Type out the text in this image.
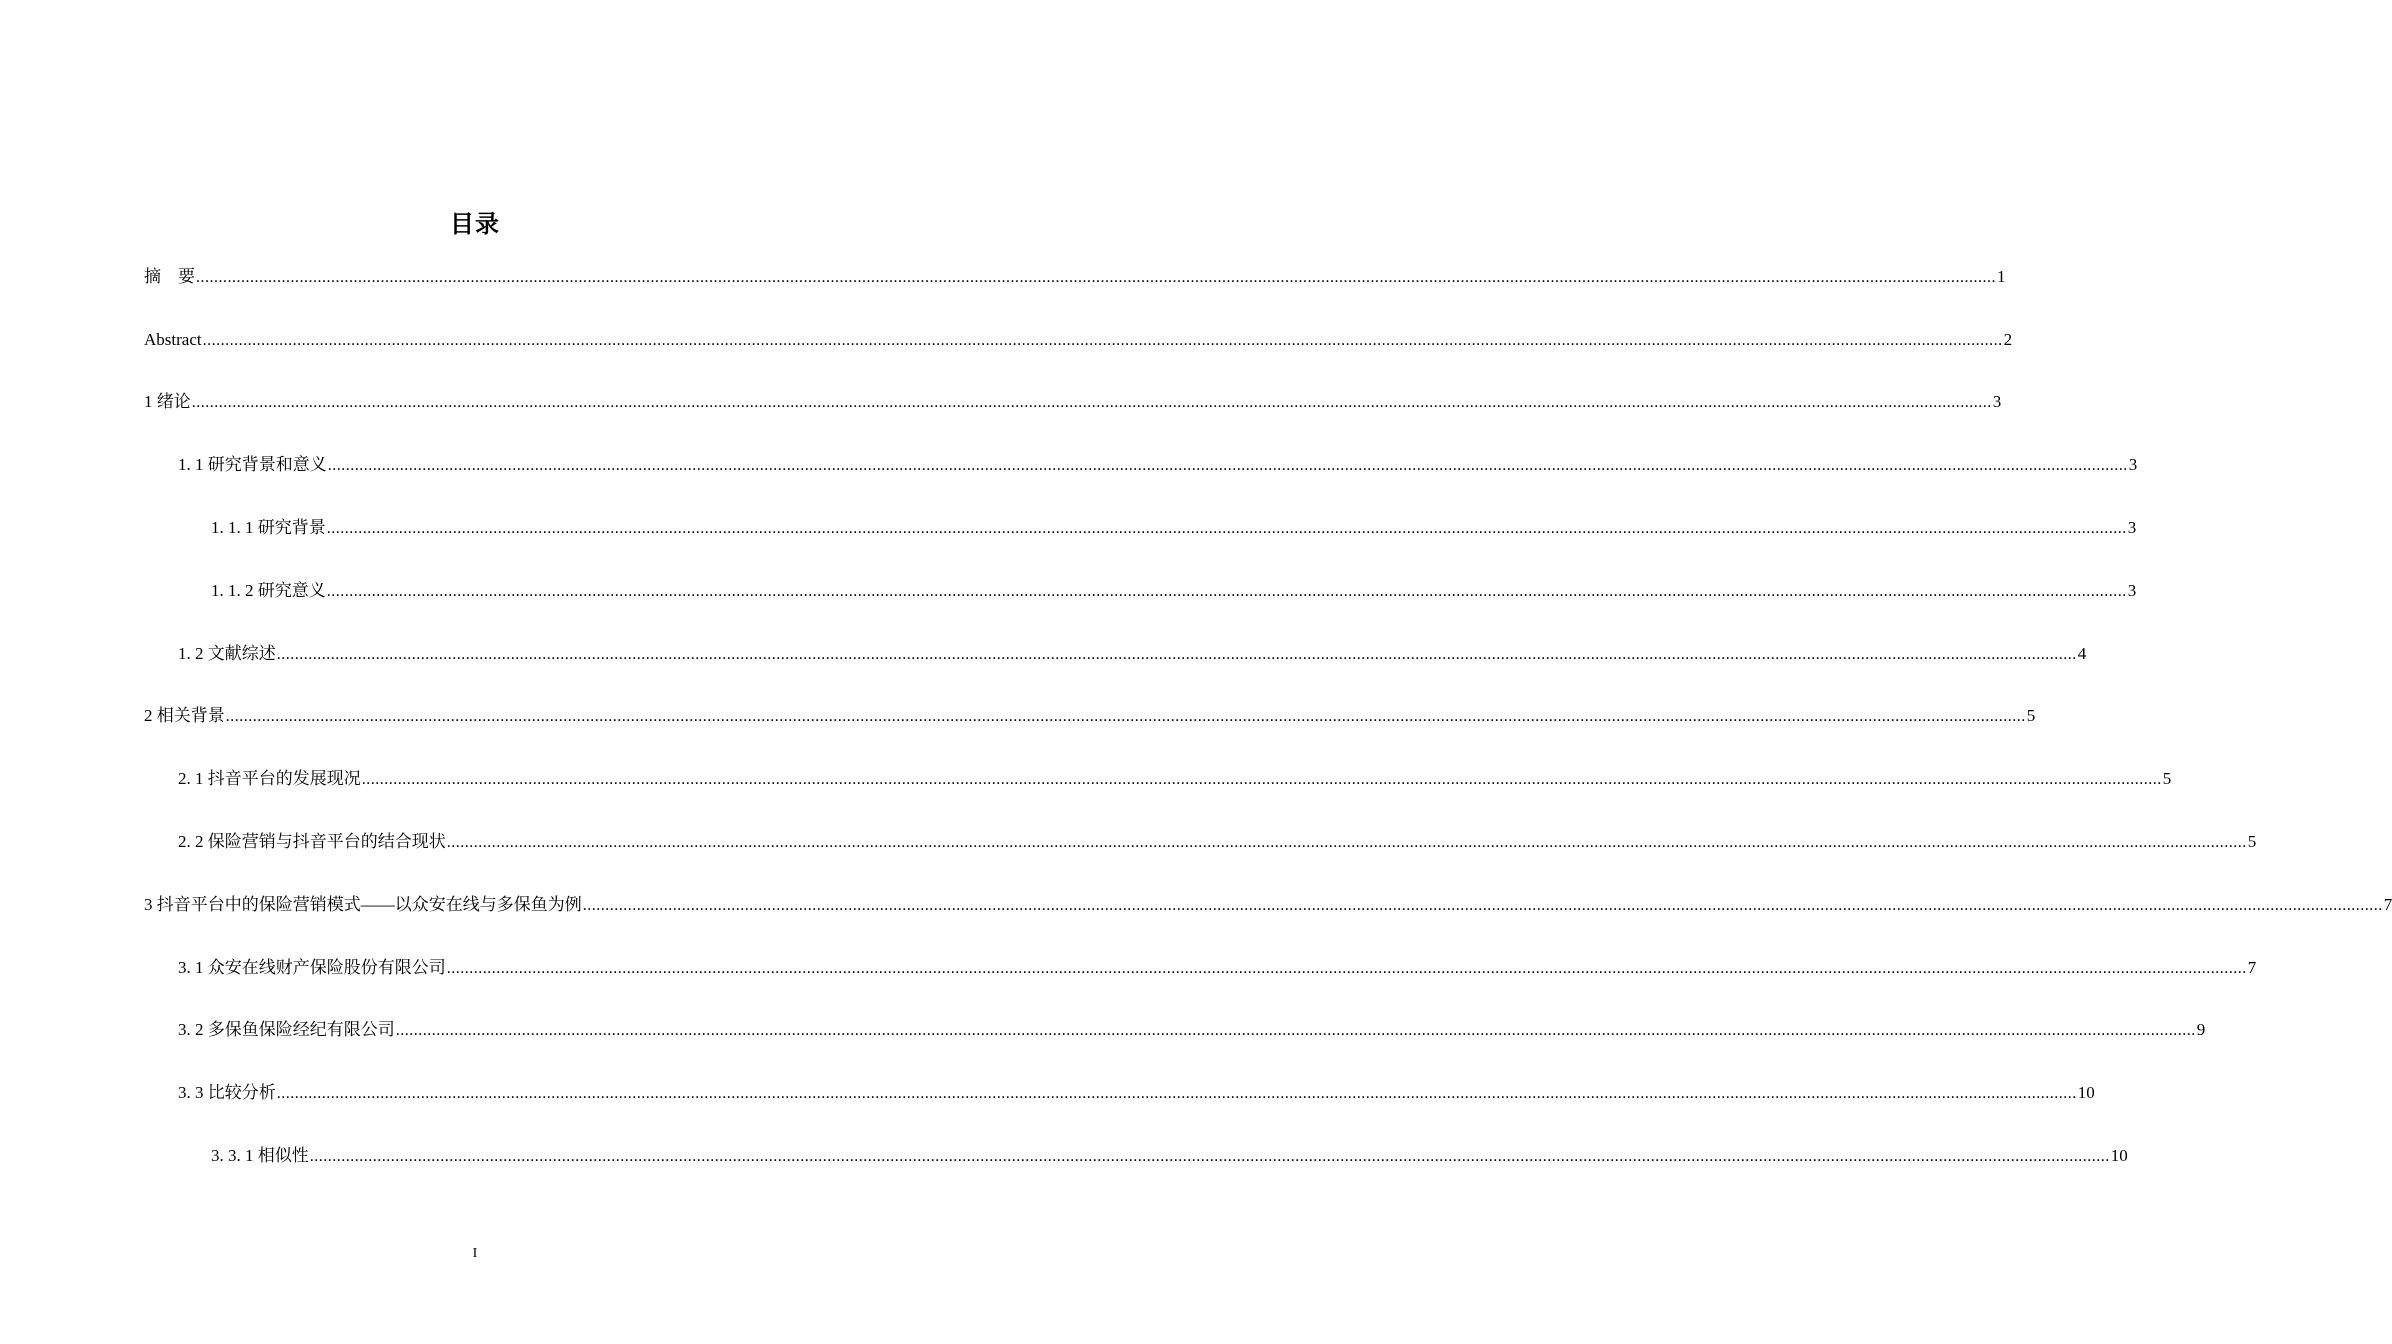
目录
摘　要 ................................................................................................................................................................................................................................................................................................................................................................................................................ 1
Abstract ................................................................................................................................................................................................................................................................................................................................................................................................................ 2
1 绪论 ................................................................................................................................................................................................................................................................................................................................................................................................................ 3
1. 1 研究背景和意义 ................................................................................................................................................................................................................................................................................................................................................................................................................ 3
1. 1. 1 研究背景 ................................................................................................................................................................................................................................................................................................................................................................................................................ 3
1. 1. 2 研究意义 ................................................................................................................................................................................................................................................................................................................................................................................................................ 3
1. 2 文献综述 ................................................................................................................................................................................................................................................................................................................................................................................................................ 4
2 相关背景 ................................................................................................................................................................................................................................................................................................................................................................................................................ 5
2. 1 抖音平台的发展现况 ................................................................................................................................................................................................................................................................................................................................................................................................................ 5
2. 2 保险营销与抖音平台的结合现状 ................................................................................................................................................................................................................................................................................................................................................................................................................ 5
3 抖音平台中的保险营销模式——以众安在线与多保鱼为例 ................................................................................................................................................................................................................................................................................................................................................................................................................ 7
3. 1 众安在线财产保险股份有限公司 ................................................................................................................................................................................................................................................................................................................................................................................................................ 7
3. 2 多保鱼保险经纪有限公司 ................................................................................................................................................................................................................................................................................................................................................................................................................ 9
3. 3 比较分析 ................................................................................................................................................................................................................................................................................................................................................................................................................ 10
3. 3. 1 相似性 ................................................................................................................................................................................................................................................................................................................................................................................................................ 10
I
